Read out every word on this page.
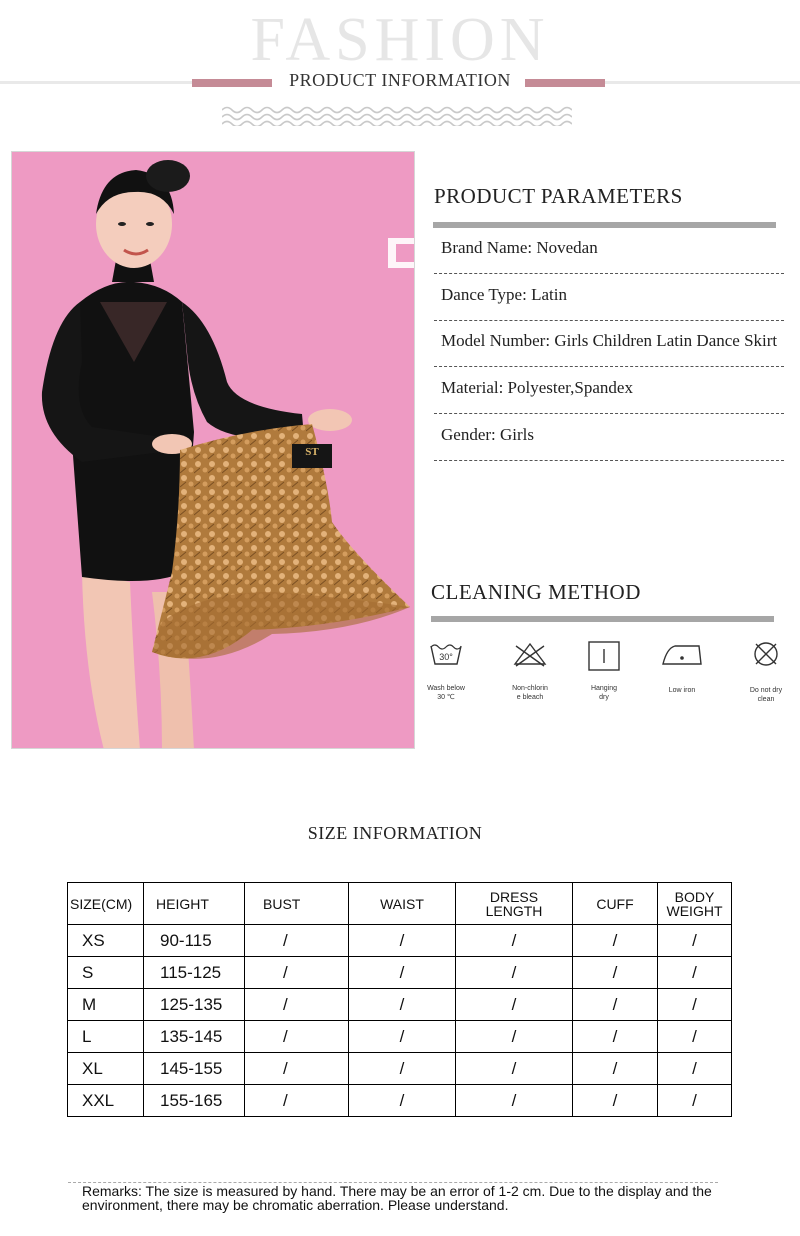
FASHION
PRODUCT INFORMATION
ST
PRODUCT PARAMETERS
Brand Name: Novedan
Dance Type: Latin
Model Number: Girls Children Latin Dance Skirt
Material: Polyester,Spandex
Gender: Girls
CLEANING METHOD
30°
Wash below
30 ℃
Non-chlorin
e bleach
Hanging
dry
Low iron	Do not dry
clean
SIZE INFORMATION
SIZE(CM)	HEIGHT	BUST	WAIST	DRESS
LENGTH	CUFF	BODY
WEIGHT
XS	90-115	/	/	/	/	/
S	115-125	/	/	/	/	/
M	125-135	/	/	/	/	/
L	135-145	/	/	/	/	/
XL	145-155	/	/	/	/	/
XXL	155-165	/	/	/	/	/
Remarks: The size is measured by hand. There may be an error of 1-2 cm. Due to the display and the environment, there may be chromatic aberration. Please understand.
